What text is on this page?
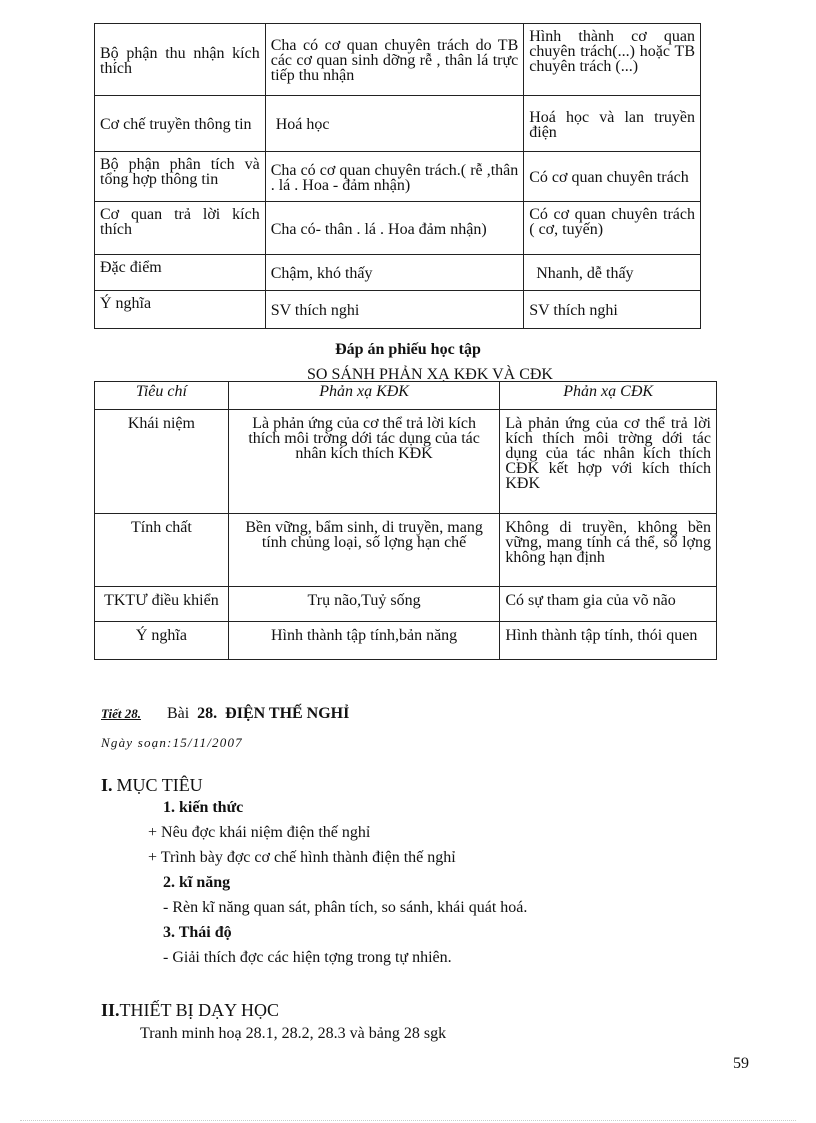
Bộ phận thu nhận kích thích	Cha có cơ quan chuyên trách do TB các cơ quan sinh dỡng rễ , thân lá trực tiếp thu nhận	Hình thành cơ quan chuyên trách(...) hoặc TB chuyên trách (...)

Cơ chế truyền thông tin	Hoá học	Hoá học và lan truyền điện

Bộ phận phân tích và tổng hợp thông tin	Cha có cơ quan chuyên trách.( rễ ,thân . lá . Hoa - đảm nhận)	Có cơ quan chuyên trách

Cơ quan trả lời kích thích	Cha có- thân . lá . Hoa đảm nhận)	Có cơ quan chuyên trách ( cơ, tuyến)

Đặc điểm	Chậm, khó thấy	Nhanh, dễ thấy

Ý nghĩa	SV thích nghi	SV thích nghi
Đáp án phiếu học tập
SO SÁNH PHẢN XẠ KĐK VÀ CĐK
Tiêu chí	Phản xạ KĐK	Phản xạ CĐK

Khái niệm	Là phản ứng của cơ thể trả lời kích thích môi trờng dới tác dụng của tác nhân kích thích KĐK	Là phản ứng của cơ thể trả lời kích thích môi trờng dới tác dụng của tác nhân kích thích CĐK kết hợp với kích thích KĐK

Tính chất	Bền vững, bẩm sinh, di truyền, mang tính chủng loại, số lợng hạn chế	Không di truyền, không bền vững, mang tính cá thể, số lợng không hạn định

TKTƯ điều khiển	Trụ não,Tuỷ sống	Có sự tham gia của võ não

Ý nghĩa	Hình thành tập tính,bản năng	Hình thành tập tính, thói quen
Tiết 28. Bài 28. ĐIỆN THẾ NGHỈ
Ngày soạn:15/11/2007
I. MỤC TIÊU
1. kiến thức
+ Nêu đợc khái niệm điện thế nghỉ
+ Trình bày đợc cơ chế hình thành điện thế nghỉ
2. kĩ năng
- Rèn kĩ năng quan sát, phân tích, so sánh, khái quát hoá.
3. Thái độ
- Giải thích đợc các hiện tợng trong tự nhiên.
II.THIẾT BỊ DẠY HỌC
Tranh minh hoạ 28.1, 28.2, 28.3 và bảng 28 sgk
59
